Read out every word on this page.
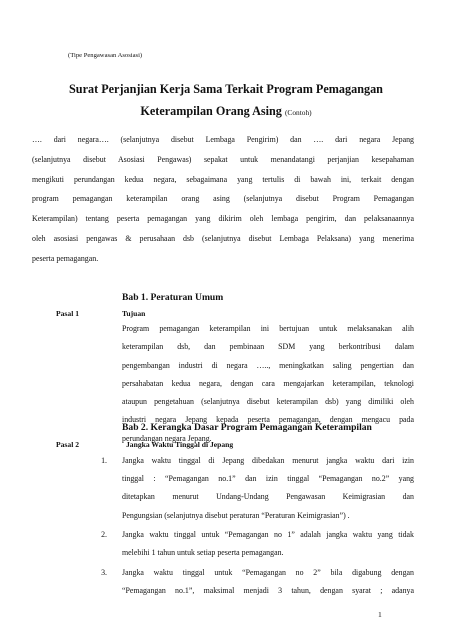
(Tipe Pengawasan Asosiasi)
Surat Perjanjian Kerja Sama Terkait Program Pemagangan
Keterampilan Orang Asing (Contoh)
…. dari negara…. (selanjutnya disebut Lembaga Pengirim) dan …. dari negara Jepang
(selanjutnya disebut Asosiasi Pengawas) sepakat untuk menandatangi perjanjian kesepahaman
mengikuti perundangan kedua negara, sebagaimana yang tertulis di bawah ini, terkait dengan
program pemagangan keterampilan orang asing (selanjutnya disebut Program Pemagangan
Keterampilan) tentang peserta pemagangan yang dikirim oleh lembaga pengirim, dan pelaksanaannya
oleh asosiasi pengawas & perusahaan dsb (selanjutnya disebut Lembaga Pelaksana) yang menerima
peserta pemagangan.
Bab 1. Peraturan Umum
Pasal 1	Tujuan
Program pemagangan keterampilan ini bertujuan untuk melaksanakan alih
keterampilan dsb, dan pembinaan SDM yang berkontribusi dalam
pengembangan industri di negara ….., meningkatkan saling pengertian dan
persahabatan kedua negara, dengan cara mengajarkan keterampilan, teknologi
ataupun pengetahuan (selanjutnya disebut keterampilan dsb) yang dimiliki oleh
industri negara Jepang kepada peserta pemagangan, dengan mengacu pada
perundangan negara Jepang.
Bab 2. Kerangka Dasar Program Pemagangan Keterampilan
Pasal 2	Jangka Waktu Tinggal di Jepang
1. Jangka waktu tinggal di Jepang dibedakan menurut jangka waktu dari izin
tinggal : “Pemagangan no.1” dan izin tinggal “Pemagangan no.2” yang
ditetapkan menurut Undang-Undang Pengawasan Keimigrasian dan
Pengungsian (selanjutnya disebut peraturan “Peraturan Keimigrasian”) .
2. Jangka waktu tinggal untuk “Pemagangan no 1” adalah jangka waktu yang tidak
melebihi 1 tahun untuk setiap peserta pemagangan.
3. Jangka waktu tinggal untuk “Pemagangan no 2” bila digabung dengan
“Pemagangan no.1”, maksimal menjadi 3 tahun, dengan syarat ; adanya
1
